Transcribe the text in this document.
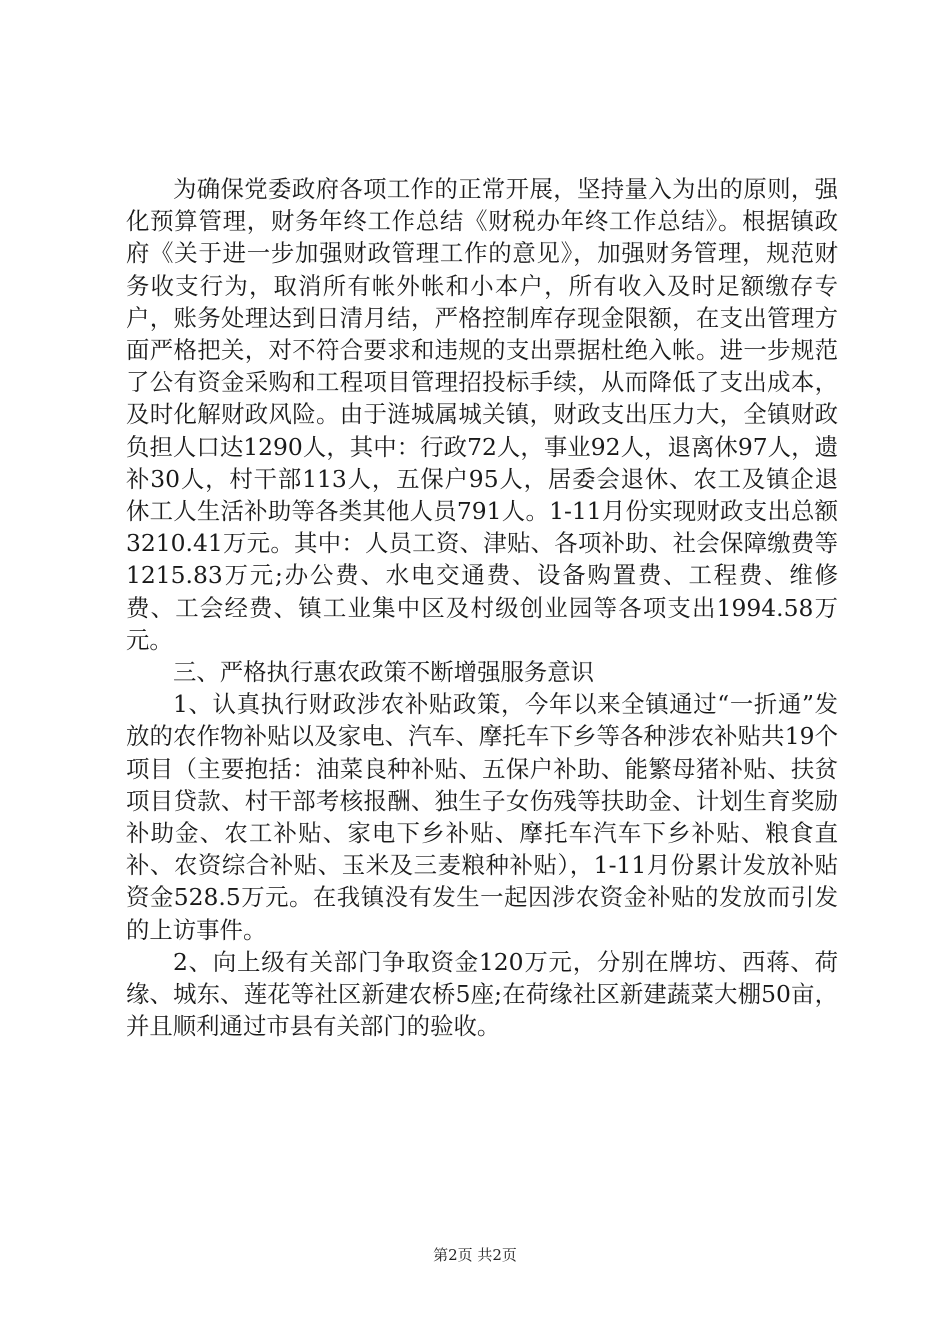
为确保党委政府各项工作的正常开展，坚持量入为出的原则，强化预算管理，财务年终工作总结《财税办年终工作总结》。根据镇政府《关于进一步加强财政管理工作的意见》，加强财务管理，规范财务收支行为，取消所有帐外帐和小本户，所有收入及时足额缴存专户，账务处理达到日清月结，严格控制库存现金限额，在支出管理方面严格把关，对不符合要求和违规的支出票据杜绝入帐。进一步规范了公有资金采购和工程项目管理招投标手续，从而降低了支出成本，及时化解财政风险。由于涟城属城关镇，财政支出压力大，全镇财政负担人口达1290人，其中：行政72人，事业92人，退离休97人，遗补30人，村干部113人，五保户95人，居委会退休、农工及镇企退休工人生活补助等各类其他人员791人。1-11月份实现财政支出总额3210.41万元。其中：人员工资、津贴、各项补助、社会保障缴费等1215.83万元;办公费、水电交通费、设备购置费、工程费、维修费、工会经费、镇工业集中区及村级创业园等各项支出1994.58万元。

三、严格执行惠农政策不断增强服务意识

1、认真执行财政涉农补贴政策，今年以来全镇通过“一折通”发放的农作物补贴以及家电、汽车、摩托车下乡等各种涉农补贴共19个项目（主要抱括：油菜良种补贴、五保户补助、能繁母猪补贴、扶贫项目贷款、村干部考核报酬、独生子女伤残等扶助金、计划生育奖励补助金、农工补贴、家电下乡补贴、摩托车汽车下乡补贴、粮食直补、农资综合补贴、玉米及三麦粮种补贴），1-11月份累计发放补贴资金528.5万元。在我镇没有发生一起因涉农资金补贴的发放而引发的上访事件。

2、向上级有关部门争取资金120万元，分别在牌坊、西蒋、荷缘、城东、莲花等社区新建农桥5座;在荷缘社区新建蔬菜大棚50亩，并且顺利通过市县有关部门的验收。

第2页 共2页
